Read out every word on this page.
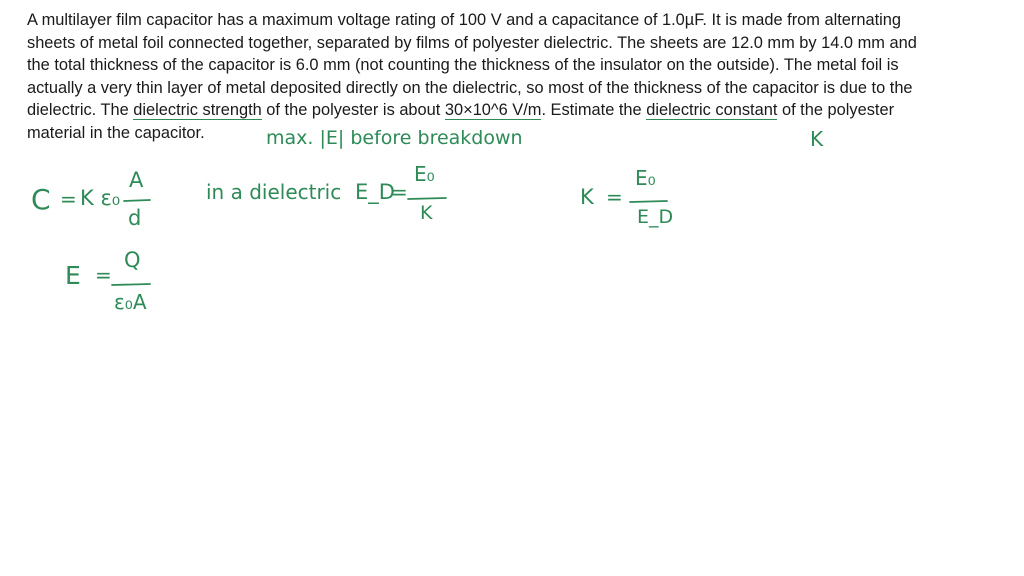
A multilayer film capacitor has a maximum voltage rating of 100 V and a capacitance of 1.0µF. It is made from alternating
sheets of metal foil connected together, separated by films of polyester dielectric. The sheets are 12.0 mm by 14.0 mm and
the total thickness of the capacitor is 6.0 mm (not counting the thickness of the insulator on the outside). The metal foil is
actually a very thin layer of metal deposited directly on the dielectric, so most of the thickness of the capacitor is due to the
dielectric. The dielectric strength of the polyester is about 30×10^6 V/m. Estimate the dielectric constant of the polyester
material in the capacitor.	max. |E| before breakdown	K
C = K ε₀
A
d
in a dielectric E_D
=
E₀
K
K =
E₀
E_D
E =
Q
ε₀A
